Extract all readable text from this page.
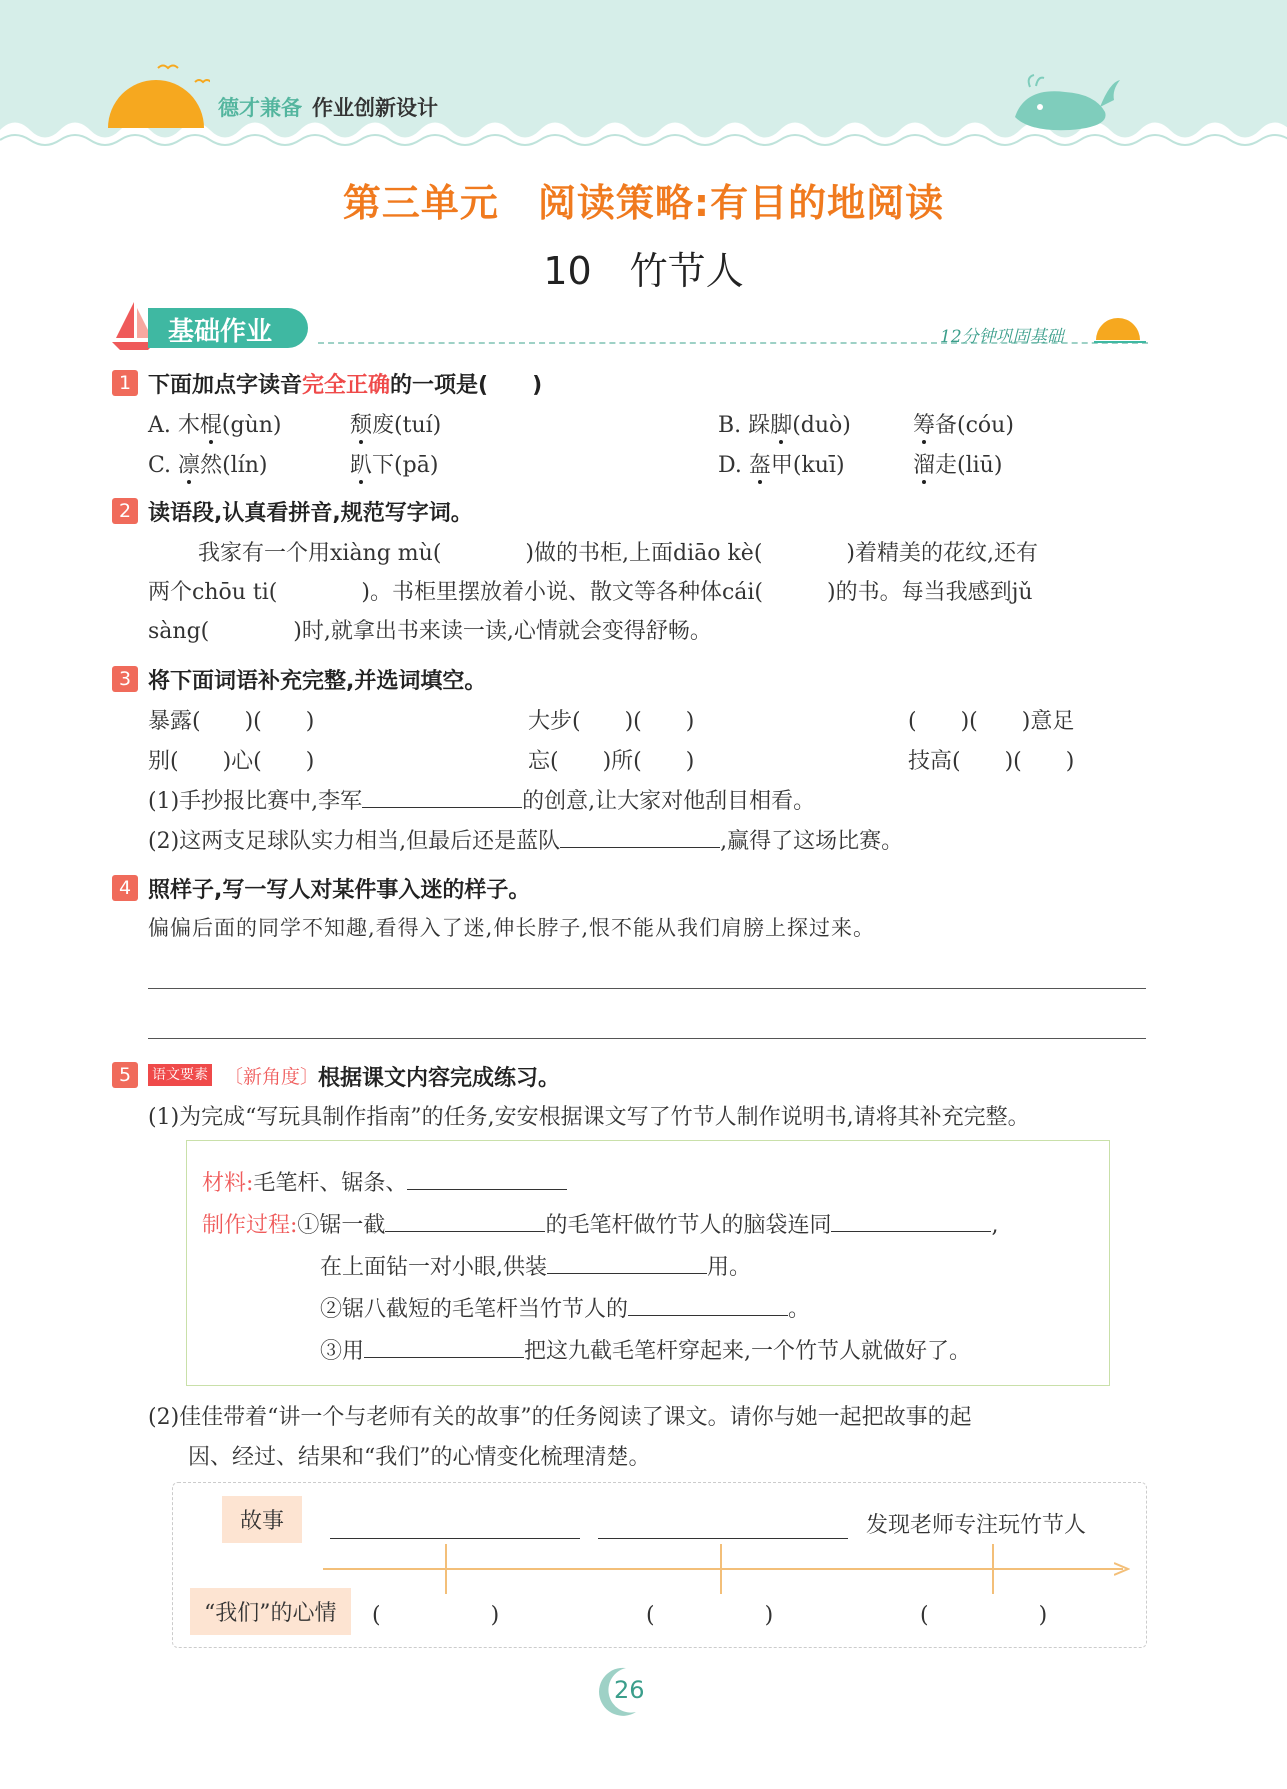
德才兼备 作业创新设计
第三单元　阅读策略:有目的地阅读
10　竹节人
基础作业	12分钟巩固基础
1 下面加点字读音完全正确的一项是(　　)
A. 木棍(gùn)	颓废(tuí)	B. 跺脚(duò)	筹备(cóu)
C. 凛然(lín)	趴下(pā)	D. 盔甲(kuī)	溜走(liū)
2 读语段,认真看拼音,规范写字词。
我家有一个用xiàng mù(	)做的书柜,上面diāo kè(	)着精美的花纹,还有
两个chōu ti(	)。书柜里摆放着小说、散文等各种体cái(	)的书。每当我感到jǔ
sàng(	)时,就拿出书来读一读,心情就会变得舒畅。
3 将下面词语补充完整,并选词填空。
暴露(　　)(　　)	大步(　　)(　　)	(　　)(　　)意足
别(　　)心(　　)	忘(　　)所(　　)	技高(　　)(　　)
(1)手抄报比赛中,李军	的创意,让大家对他刮目相看。
(2)这两支足球队实力相当,但最后还是蓝队	,赢得了这场比赛。
4 照样子,写一写人对某件事入迷的样子。
偏偏后面的同学不知趣,看得入了迷,伸长脖子,恨不能从我们肩膀上探过来。
5	语文要素 〔新角度〕
根据课文内容完成练习。
(1)为完成“写玩具制作指南”的任务,安安根据课文写了竹节人制作说明书,请将其补充完整。
材料:毛笔杆、锯条、
制作过程:①锯一截	的毛笔杆做竹节人的脑袋连同	,
在上面钻一对小眼,供装	用。
②锯八截短的毛笔杆当竹节人的	。
③用	把这九截毛笔杆穿起来,一个竹节人就做好了。
(2)佳佳带着“讲一个与老师有关的故事”的任务阅读了课文。请你与她一起把故事的起
因、经过、结果和“我们”的心情变化梳理清楚。
故事	发现老师专注玩竹节人
“我们”的心情	(　　　　　)	(　　　　　)	(　　　　　)
26
